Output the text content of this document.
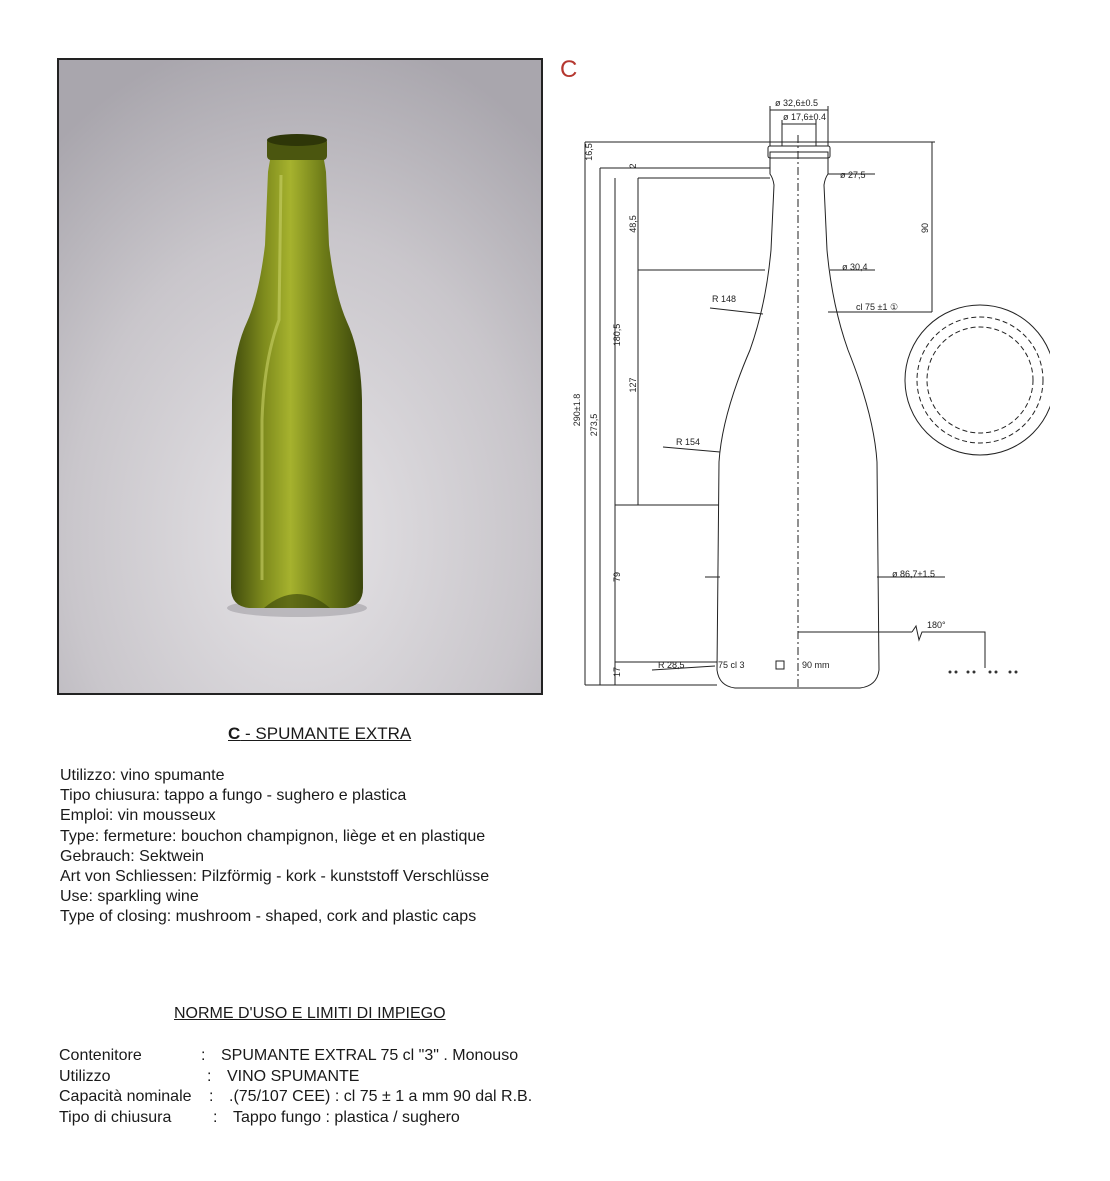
C
ø 32,6±0.5
ø 17,6±0.4
ø 27,5
ø 30,4
cl 75 ±1 ①
R 148
R 154
R 28,5
ø 86,7±1.5
180°
75 cl 3	90 mm
16,5
2
48,5	90
180,5
127
290±1.8 273,5
79
17
C - SPUMANTE EXTRA
Utilizzo: vino spumante
Tipo chiusura: tappo a fungo - sughero e plastica
Emploi: vin mousseux
Type: fermeture: bouchon champignon, liège et en plastique
Gebrauch: Sektwein
Art von Schliessen: Pilzförmig - kork - kunststoff Verschlüsse
Use: sparkling wine
Type of closing: mushroom - shaped, cork and plastic caps
NORME D'USO E LIMITI DI IMPIEGO
Contenitore	: SPUMANTE EXTRAL 75 cl "3" . Monouso
Utilizzo	: VINO SPUMANTE
Capacità nominale : .(75/107 CEE) : cl 75 ± 1 a mm 90 dal R.B.
Tipo di chiusura	: Tappo fungo : plastica / sughero
